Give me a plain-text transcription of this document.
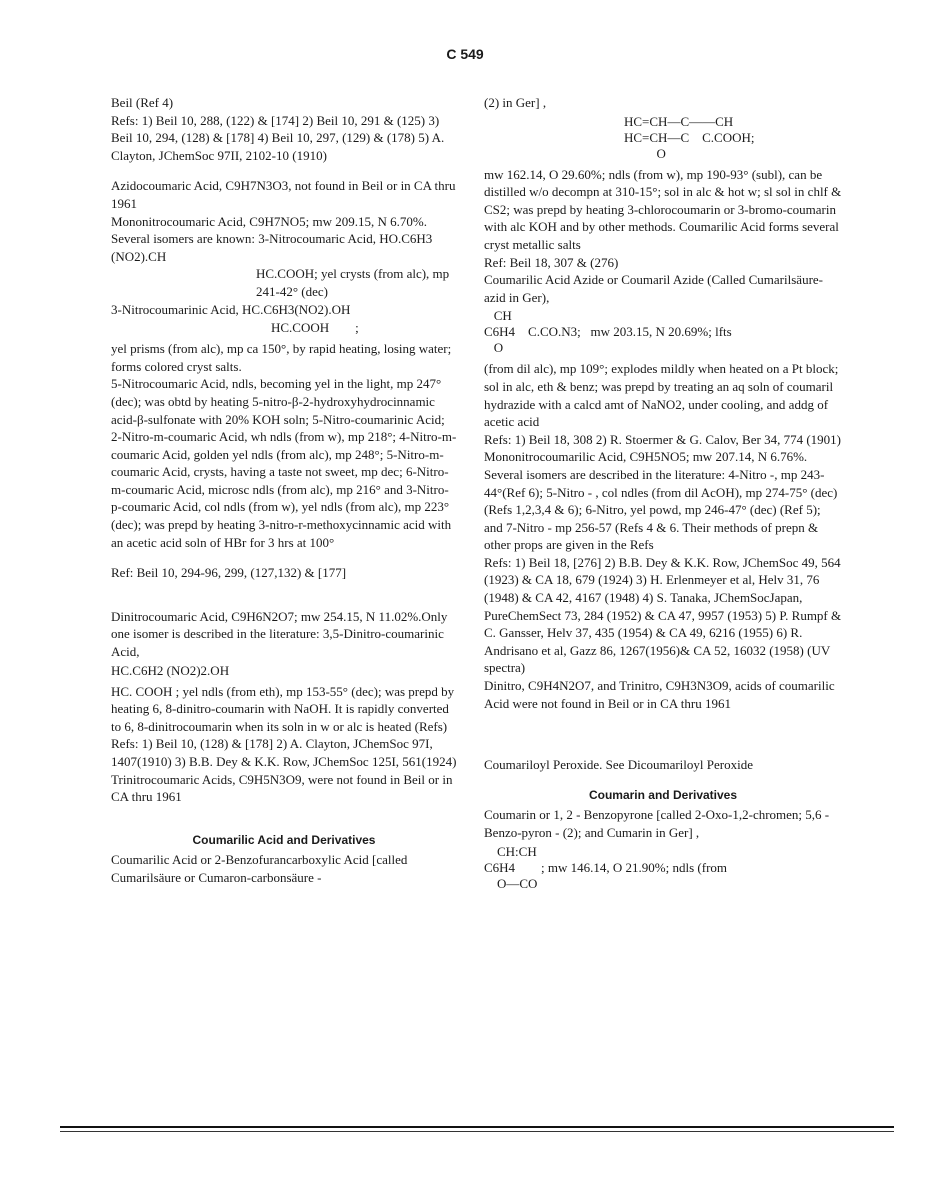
C 549

Beil (Ref 4)

Refs: 1) Beil 10, 288, (122) & [174] 2) Beil 10, 291 & (125) 3) Beil 10, 294, (128) & [178] 4) Beil 10, 297, (129) & (178) 5) A. Clayton, JChemSoc 97II, 2102-10 (1910)

Azidocoumaric Acid, C9H7N3O3, not found in Beil or in CA thru 1961

Mononitrocoumaric Acid, C9H7NO5; mw 209.15, N 6.70%. Several isomers are known: 3-Nitrocoumaric Acid, HO.C6H3 (NO2).CH

HC.COOH; yel crysts (from alc), mp 241-42° (dec)

3-Nitrocoumarinic Acid, HC.C6H3(NO2).OH

HC.COOH        ;

yel prisms (from alc), mp ca 150°, by rapid heating, losing water; forms colored cryst salts.

5-Nitrocoumaric Acid, ndls, becoming yel in the light, mp 247° (dec); was obtd by heating 5-nitro-β-2-hydroxyhydrocinnamic acid-β-sulfonate with 20% KOH soln; 5-Nitro-coumarinic Acid; 2-Nitro-m-coumaric Acid, wh ndls (from w), mp 218°; 4-Nitro-m-coumaric Acid, golden yel ndls (from alc), mp 248°; 5-Nitro-m-coumaric Acid, crysts, having a taste not sweet, mp dec; 6-Nitro-m-coumaric Acid, microsc ndls (from alc), mp 216° and 3-Nitro-p-coumaric Acid, col ndls (from w), yel ndls (from alc), mp 223° (dec); was prepd by heating 3-nitro-r-methoxycinnamic acid with an acetic acid soln of HBr for 3 hrs at 100°

Ref: Beil 10, 294-96, 299, (127,132) & [177]

Dinitrocoumaric Acid, C9H6N2O7; mw 254.15, N 11.02%.Only one isomer is described in the literature: 3,5-Dinitro-coumarinic Acid,

HC.C6H2 (NO2)2.OH

HC. COOH ; yel ndls (from eth), mp 153-55° (dec); was prepd by heating 6, 8-dinitro-coumarin with NaOH. It is rapidly converted to 6, 8-dinitrocoumarin when its soln in w or alc is heated (Refs)

Refs: 1) Beil 10, (128) & [178] 2) A. Clayton, JChemSoc 97I, 1407(1910) 3) B.B. Dey & K.K. Row, JChemSoc 125I, 561(1924)

Trinitrocoumaric Acids, C9H5N3O9, were not found in Beil or in CA thru 1961

Coumarilic Acid and Derivatives

Coumarilic Acid or 2-Benzofurancarboxylic Acid [called Cumarilsäure or Cumaron-carbonsäure -

(2) in Ger] ,

HC=CH—C——CH
HC=CH—C    C.COOH;
O

mw 162.14, O 29.60%; ndls (from w), mp 190-93° (subl), can be distilled w/o decompn at 310-15°; sol in alc & hot w; sl sol in chlf & CS2; was prepd by heating 3-chlorocoumarin or 3-bromo-coumarin with alc KOH and by other methods. Coumarilic Acid forms several cryst metallic salts

Ref: Beil 18, 307 & (276)

Coumarilic Acid Azide or Coumaril Azide (Called Cumarilsäure-azid in Ger),

CH
C6H4    C.CO.N3;   mw 203.15, N 20.69%; lfts
O

(from dil alc), mp 109°; explodes mildly when heated on a Pt block; sol in alc, eth & benz; was prepd by treating an aq soln of coumaril hydrazide with a calcd amt of NaNO2, under cooling, and addg of acetic acid

Refs: 1) Beil 18, 308 2) R. Stoermer & G. Calov, Ber 34, 774 (1901)

Mononitrocoumarilic Acid, C9H5NO5; mw 207.14, N 6.76%. Several isomers are described in the literature: 4-Nitro -, mp 243-44°(Ref 6); 5-Nitro - , col ndles (from dil AcOH), mp 274-75° (dec) (Refs 1,2,3,4 & 6); 6-Nitro, yel powd, mp 246-47° (dec) (Ref 5); and 7-Nitro - mp 256-57 (Refs 4 & 6. Their methods of prepn & other props are given in the Refs

Refs: 1) Beil 18, [276] 2) B.B. Dey & K.K. Row, JChemSoc 49, 564 (1923) & CA 18, 679 (1924) 3) H. Erlenmeyer et al, Helv 31, 76 (1948) & CA 42, 4167 (1948) 4) S. Tanaka, JChemSocJapan, PureChemSect 73, 284 (1952) & CA 47, 9957 (1953) 5) P. Rumpf & C. Gansser, Helv 37, 435 (1954) & CA 49, 6216 (1955) 6) R. Andrisano et al, Gazz 86, 1267(1956)& CA 52, 16032 (1958) (UV spectra)

Dinitro, C9H4N2O7, and Trinitro, C9H3N3O9, acids of coumarilic Acid were not found in Beil or in CA thru 1961

Coumariloyl Peroxide. See Dicoumariloyl Peroxide

Coumarin and Derivatives

Coumarin or 1, 2 - Benzopyrone [called 2-Oxo-1,2-chromen; 5,6 - Benzo-pyron - (2); and Cumarin in Ger] ,

CH:CH
C6H4        ; mw 146.14, O 21.90%; ndls (from
O—CO
